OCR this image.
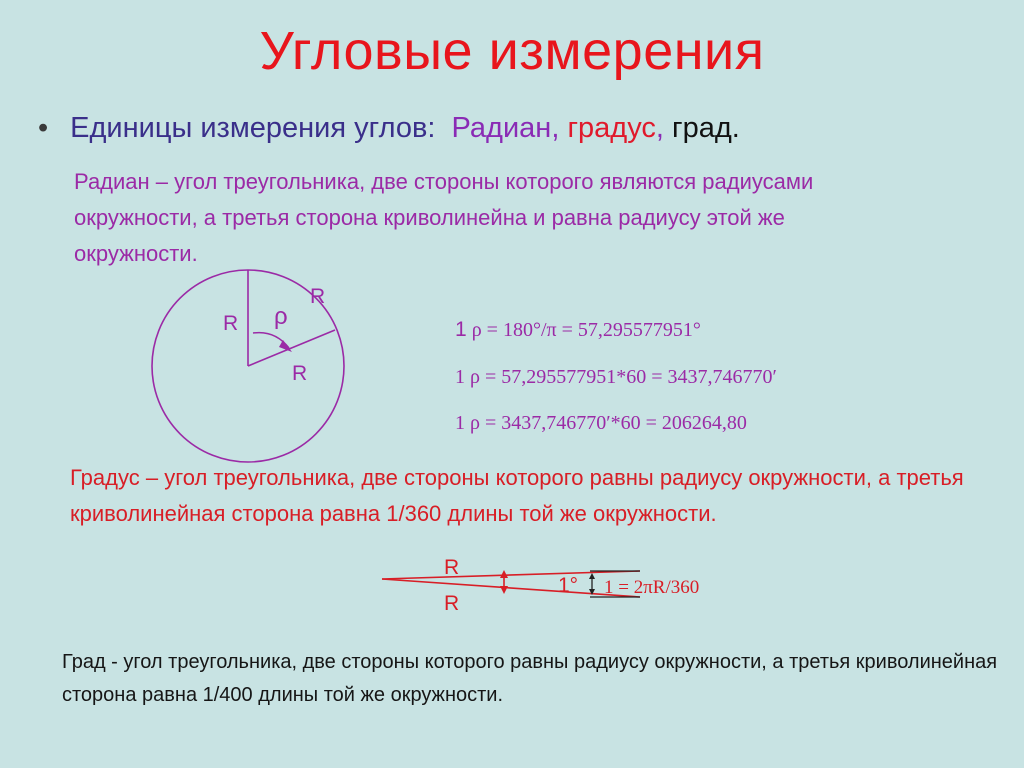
Угловые измерения
• Единицы измерения углов: Радиан, градус, град.

Радиан – угол треугольника, две стороны которого являются радиусами окружности, а третья сторона криволинейна и равна радиусу этой же окружности.

R
R
ρ
R
1 ρ = 180°/π = 57,295577951°
1 ρ = 57,295577951*60 = 3437,746770′
1 ρ = 3437,746770′*60 = 206264,80

Градус – угол треугольника, две стороны которого равны радиусу окружности, а третья криволинейная сторона равна 1/360 длины той же окружности.

R
R
1° 1 = 2πR/360

Град - угол треугольника, две стороны которого равны радиусу окружности, а третья криволинейная сторона равна 1/400 длины той же окружности.
